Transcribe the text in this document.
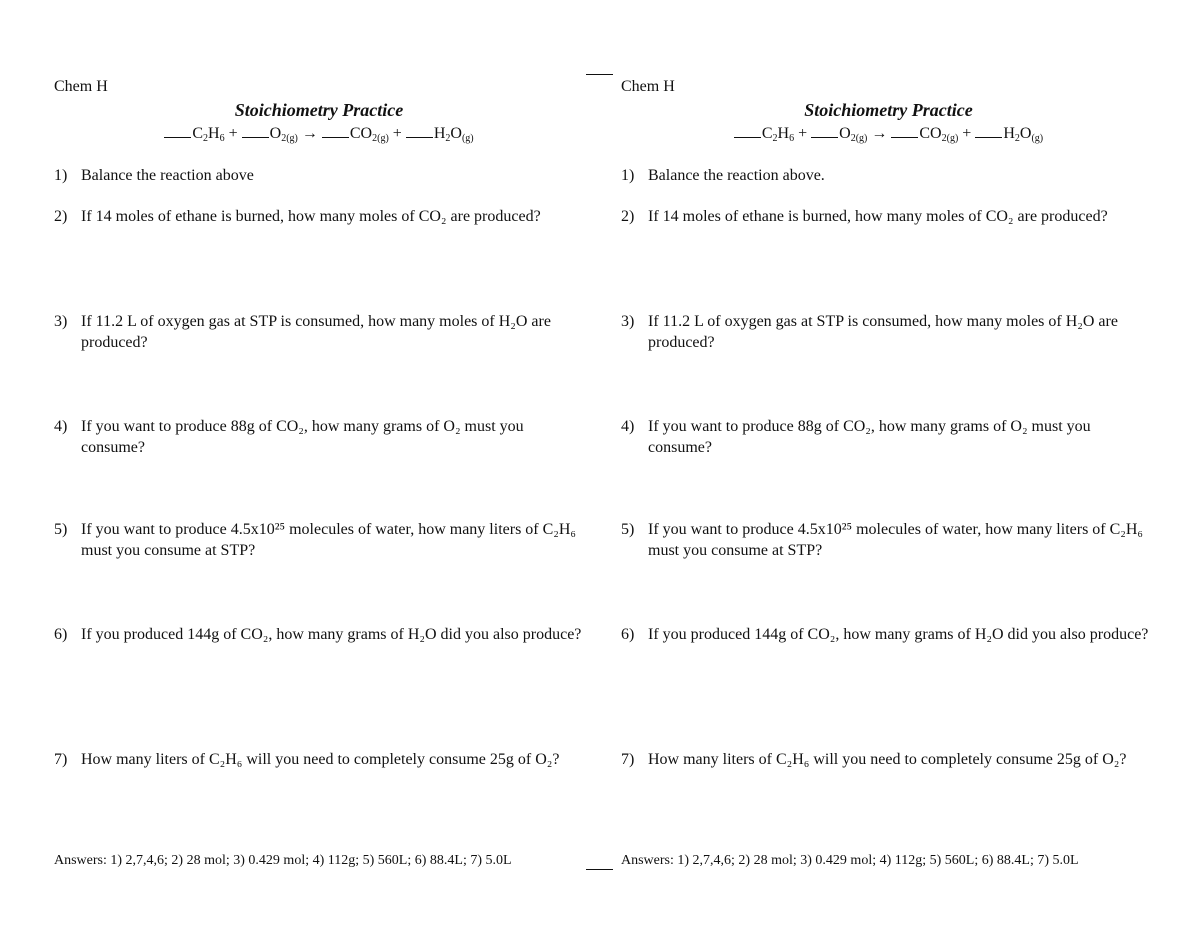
Chem H
Stoichiometry Practice
$C_2H_6 + O_{2(g)} \to CO_{2(g)} + H_2O_{(g)}$
1) Balance the reaction above
2) If 14 moles of ethane is burned, how many moles of CO₂ are produced?
3) If 11.2 L of oxygen gas at STP is consumed, how many moles of H₂O are produced?
4) If you want to produce 88g of CO₂, how many grams of O₂ must you consume?
5) If you want to produce 4.5x10²⁵ molecules of water, how many liters of C₂H₆ must you consume at STP?
6) If you produced 144g of CO₂, how many grams of H₂O did you also produce?
7) How many liters of C₂H₆ will you need to completely consume 25g of O₂?
Answers: 1) 2,7,4,6; 2) 28 mol; 3) 0.429 mol; 4) 112g; 5) 560L; 6) 88.4L; 7) 5.0L
Chem H
Stoichiometry Practice
$C_2H_6 + O_{2(g)} \to CO_{2(g)} + H_2O_{(g)}$
1) Balance the reaction above.
2) If 14 moles of ethane is burned, how many moles of CO₂ are produced?
3) If 11.2 L of oxygen gas at STP is consumed, how many moles of H₂O are produced?
4) If you want to produce 88g of CO₂, how many grams of O₂ must you consume?
5) If you want to produce 4.5x10²⁵ molecules of water, how many liters of C₂H₆ must you consume at STP?
6) If you produced 144g of CO₂, how many grams of H₂O did you also produce?
7) How many liters of C₂H₆ will you need to completely consume 25g of O₂?
Answers: 1) 2,7,4,6; 2) 28 mol; 3) 0.429 mol; 4) 112g; 5) 560L; 6) 88.4L; 7) 5.0L
